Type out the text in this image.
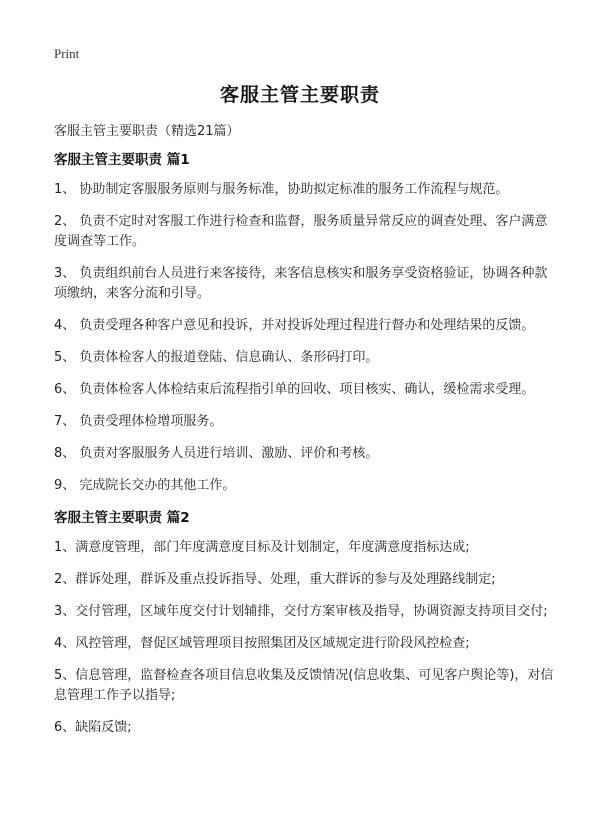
Print
客服主管主要职责
客服主管主要职责（精选21篇）
客服主管主要职责 篇1
1、 协助制定客服服务原则与服务标准，协助拟定标准的服务工作流程与规范。
2、 负责不定时对客服工作进行检查和监督，服务质量异常反应的调查处理、客户满意度调查等工作。
3、 负责组织前台人员进行来客接待，来客信息核实和服务享受资格验证，协调各种款项缴纳，来客分流和引导。
4、 负责受理各种客户意见和投诉，并对投诉处理过程进行督办和处理结果的反馈。
5、 负责体检客人的报道登陆、信息确认、条形码打印。
6、 负责体检客人体检结束后流程指引单的回收、项目核实、确认，缓检需求受理。
7、 负责受理体检增项服务。
8、 负责对客服服务人员进行培训、激励、评价和考核。
9、 完成院长交办的其他工作。
客服主管主要职责 篇2
1、满意度管理，部门年度满意度目标及计划制定，年度满意度指标达成;
2、群诉处理，群诉及重点投诉指导、处理，重大群诉的参与及处理路线制定;
3、交付管理，区域年度交付计划辅排，交付方案审核及指导，协调资源支持项目交付;
4、风控管理，督促区域管理项目按照集团及区域规定进行阶段风控检查;
5、信息管理，监督检查各项目信息收集及反馈情况(信息收集、可见客户舆论等)，对信息管理工作予以指导;
6、缺陷反馈;
